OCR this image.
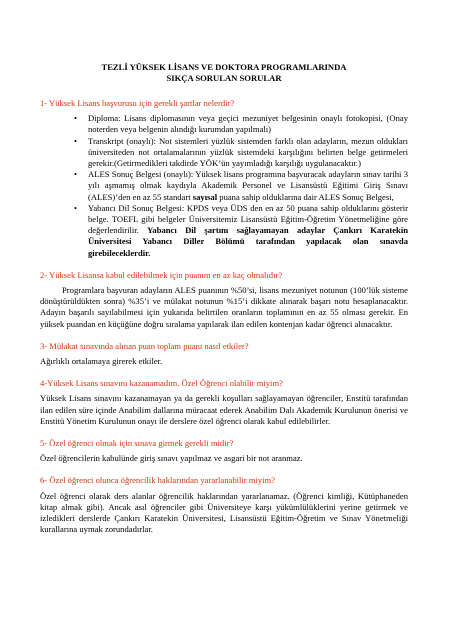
TEZLİ YÜKSEK LİSANS VE DOKTORA PROGRAMLARINDA
SIKÇA SORULAN SORULAR
1- Yüksek Lisans başvurusu için gerekli şartlar nelerdir?
• Diploma: Lisans diplomasının veya geçici mezuniyet belgesinin onaylı fotokopisi, (Onay noterden veya belgenin alındığı kurumdan yapılmalı)
• Transkript (onaylı): Not sistemleri yüzlük sistemden farklı olan adayların, mezun oldukları üniversiteden not ortalamalarının yüzlük sistemdeki karşılığını belirten belge getirmeleri gerekir.(Getirmedikleri takdirde YÖK’ün yayımladığı karşılığı uygulanacaktır.)
• ALES Sonuç Belgesi (onaylı): Yüksek lisans programına başvuracak adayların sınav tarihi 3 yılı aşmamış olmak kaydıyla Akademik Personel ve Lisansüstü Eğitimi Giriş Sınavı (ALES)’den en az 55 standart sayısal puana sahip olduklarına dair ALES Sonuç Belgesi,
• Yabancı Dil Sonuç Belgesi: KPDS veya ÜDS den en az 50 puana sahip olduklarını gösterir belge. TOEFL gibi belgeler Üniversitemiz Lisansüstü Eğitim-Öğretim Yönetmeliğine göre değerlendirilir. Yabancı Dil şartını sağlayamayan adaylar Çankırı Karatekin Üniversitesi Yabancı Diller Bölümü tarafından yapılacak olan sınavda girebileceklerdir.
2- Yüksek Lisansa kabul edilebilmek için puanım en az kaç olmalıdır?
Programlara başvuran adayların ALES puanının %50’si, lisans mezuniyet notunun (100’lük sisteme dönüştürüldükten sonra) %35’i ve mülakat notunun %15’i dikkate alınarak başarı notu hesaplanacaktır. Adayın başarılı sayılabilmesi için yukarıda belirtilen oranların toplamının en az 55 olması gerekir. En yüksek puandan en küçüğüne doğru sıralama yapılarak ilan edilen kontenjan kadar öğrenci alınacaktır.
3- Mülakat sınavında alınan puan toplam puanı nasıl etkiler?
Ağırlıklı ortalamaya girerek etkiler.
4-Yüksek Lisans sınavını kazanamadım. Özel Öğrenci olabilir miyim?
Yüksek Lisans sınavını kazanamayan ya da gerekli koşulları sağlayamayan öğrenciler, Enstitü tarafından ilan edilen süre içinde Anabilim dallarına müracaat ederek Anabilim Dalı Akademik Kurulunun önerisi ve Enstitü Yönetim Kurulunun onayı ile derslere özel öğrenci olarak kabul edilebilirler.
5- Özel öğrenci olmak için sınava girmek gerekli midir?
Özel öğrencilerin kabulünde giriş sınavı yapılmaz ve asgari bir not aranmaz.
6- Özel öğrenci olunca öğrencilik haklarından yararlanabilir miyim?
Özel öğrenci olarak ders alanlar öğrencilik haklarından yararlanamaz. (Öğrenci kimliği, Kütüphaneden kitap almak gibi). Ancak asıl öğrenciler gibi Üniversiteye karşı yükümlülüklerini yerine getirmek ve izledikleri derslerde Çankırı Karatekin Üniversitesi, Lisansüstü Eğitim-Öğretim ve Sınav Yönetmeliği kurallarına uymak zorundadırlar.
